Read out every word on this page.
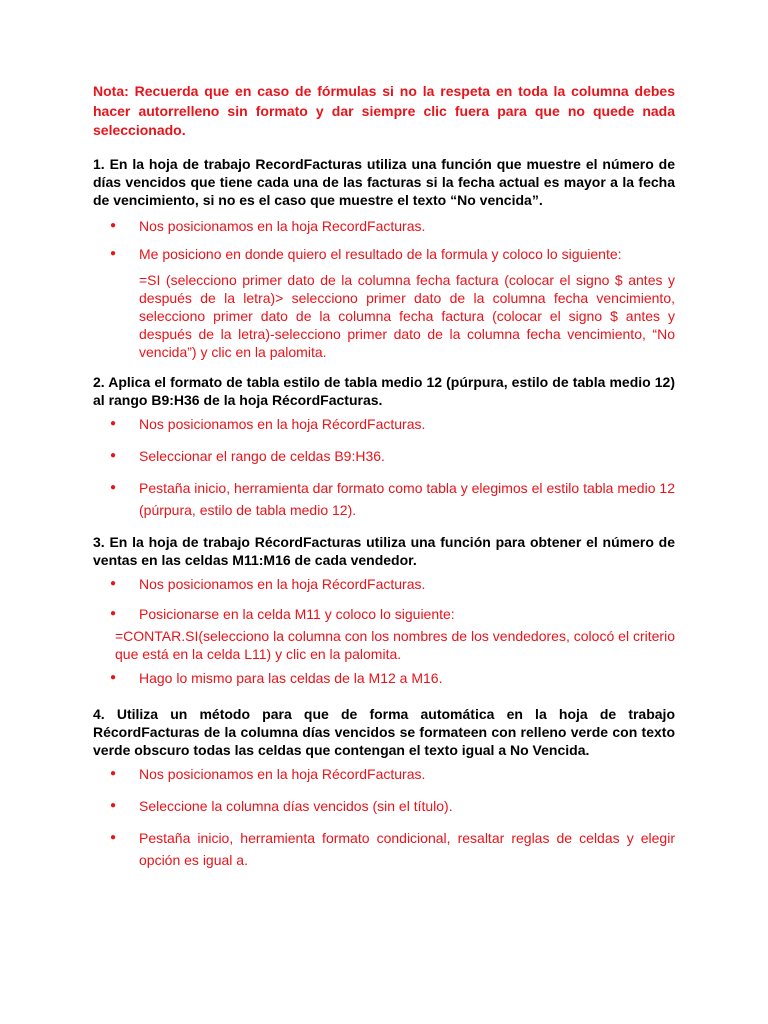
Nota: Recuerda que en caso de fórmulas si no la respeta en toda la columna debes hacer autorrelleno sin formato y dar siempre clic fuera para que no quede nada seleccionado.

1. En la hoja de trabajo RecordFacturas utiliza una función que muestre el número de días vencidos que tiene cada una de las facturas si la fecha actual es mayor a la fecha de vencimiento, si no es el caso que muestre el texto “No vencida”.

● Nos posicionamos en la hoja RecordFacturas.
● Me posiciono en donde quiero el resultado de la formula y coloco lo siguiente:

=SI (selecciono primer dato de la columna fecha factura (colocar el signo $ antes y después de la letra)> selecciono primer dato de la columna fecha vencimiento, selecciono primer dato de la columna fecha factura (colocar el signo $ antes y después de la letra)-selecciono primer dato de la columna fecha vencimiento, “No vencida”) y clic en la palomita.

2. Aplica el formato de tabla estilo de tabla medio 12 (púrpura, estilo de tabla medio 12) al rango B9:H36 de la hoja RécordFacturas.

● Nos posicionamos en la hoja RécordFacturas.
● Seleccionar el rango de celdas B9:H36.
● Pestaña inicio, herramienta dar formato como tabla y elegimos el estilo tabla medio 12 (púrpura, estilo de tabla medio 12).

3. En la hoja de trabajo RécordFacturas utiliza una función para obtener el número de ventas en las celdas M11:M16 de cada vendedor.

● Nos posicionamos en la hoja RécordFacturas.
● Posicionarse en la celda M11 y coloco lo siguiente:

=CONTAR.SI(selecciono la columna con los nombres de los vendedores, colocó el criterio que está en la celda L11) y clic en la palomita.

● Hago lo mismo para las celdas de la M12 a M16.

4. Utiliza un método para que de forma automática en la hoja de trabajo RécordFacturas de la columna días vencidos se formateen con relleno verde con texto verde obscuro todas las celdas que contengan el texto igual a No Vencida.

● Nos posicionamos en la hoja RécordFacturas.
● Seleccione la columna días vencidos (sin el título).
● Pestaña inicio, herramienta formato condicional, resaltar reglas de celdas y elegir opción es igual a.
